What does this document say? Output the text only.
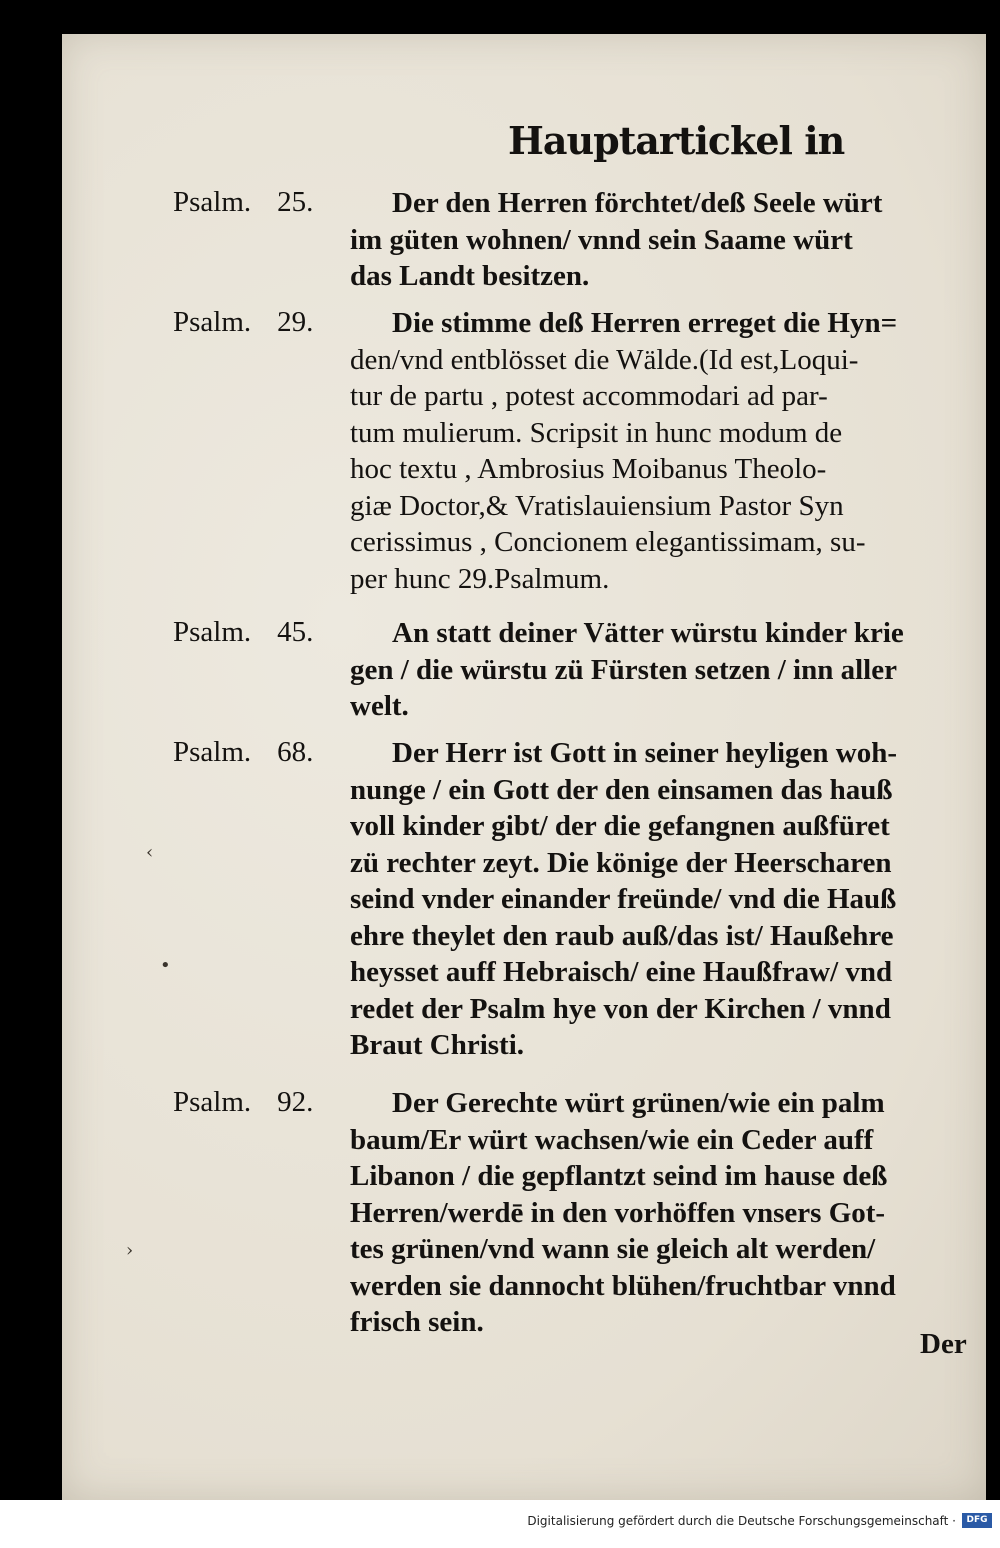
Hauptartickel in
Psalm. 25.	Der den Herren förchtet/deß Seele würt
im güten wohnen/ vnnd sein Saame würt
das Landt besitzen.
Psalm. 29.	Die stimme deß Herren erreget die Hyn=
den/vnd entblösset die Wälde.(Id est,Loqui-
tur de partu , potest accommodari ad par-
tum mulierum. Scripsit in hunc modum de
hoc textu , Ambrosius Moibanus Theolo-
giæ Doctor,& Vratislauiensium Pastor Syn
cerissimus , Concionem elegantissimam, su-
per hunc 29.Psalmum.
Psalm. 45.	An statt deiner Vätter würstu kinder krie
gen / die würstu zü Fürsten setzen / inn aller
welt.
Psalm. 68.	Der Herr ist Gott in seiner heyligen woh-
nunge / ein Gott der den einsamen das hauß
voll kinder gibt/ der die gefangnen außfüret
zü rechter zeyt. Die könige der Heerscharen
seind vnder einander freünde/ vnd die Hauß
ehre theylet den raub auß/das ist/ Haußehre
heysset auff Hebraisch/ eine Haußfraw/ vnd
redet der Psalm hye von der Kirchen / vnnd
Braut Christi.
Psalm. 92.	Der Gerechte würt grünen/wie ein palm
baum/Er würt wachsen/wie ein Ceder auff
Libanon / die gepflantzt seind im hause deß
Herren/werdē in den vorhöffen vnsers Got-
tes grünen/vnd wann sie gleich alt werden/
werden sie dannocht blühen/fruchtbar vnnd
frisch sein.
Der
‹
•
›
Digitalisierung gefördert durch die Deutsche Forschungsgemeinschaft ·	DFG
